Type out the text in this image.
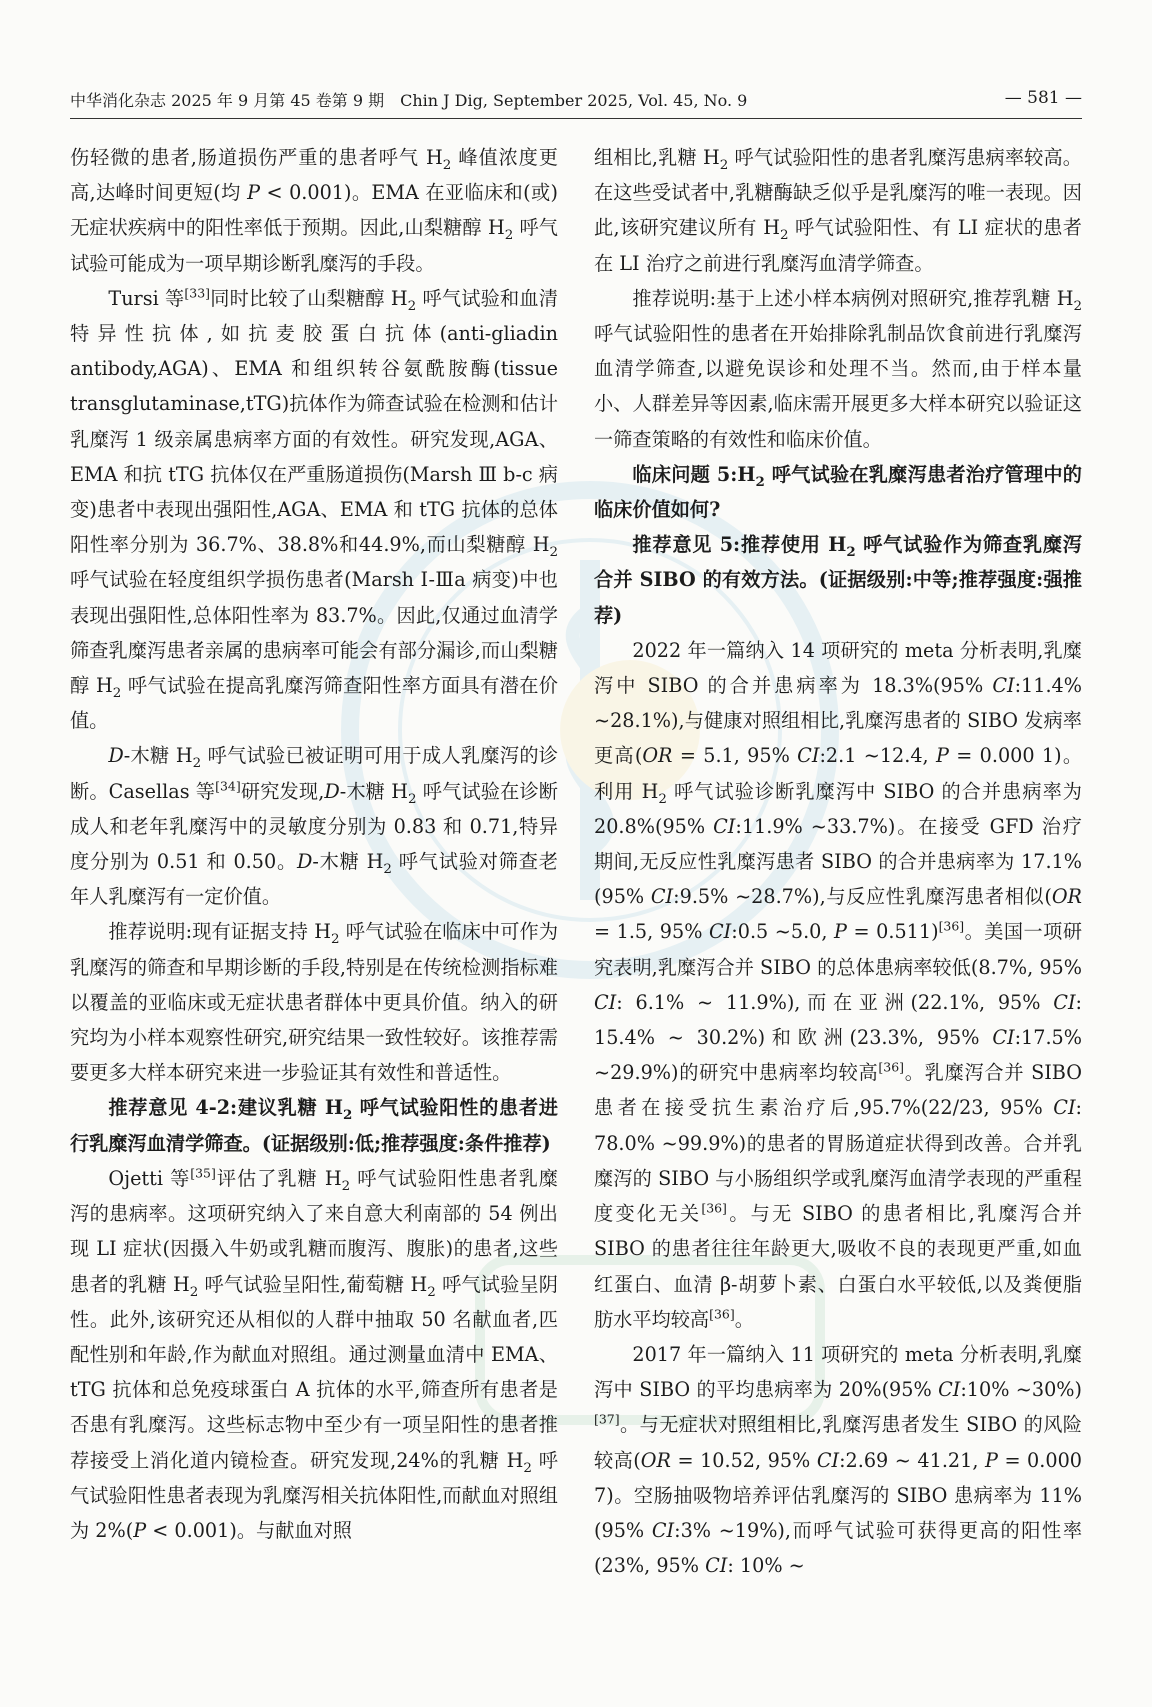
中华消化杂志 2025 年 9 月第 45 卷第 9 期　Chin J Dig, September 2025, Vol. 45, No. 9	— 581 —

伤轻微的患者,肠道损伤严重的患者呼气 $H_2$ 峰值浓度更高,达峰时间更短(均 P < 0.001)。EMA 在亚临床和(或)无症状疾病中的阳性率低于预期。因此,山梨糖醇 $H_2$ 呼气试验可能成为一项早期诊断乳糜泻的手段。

Tursi 等[33]同时比较了山梨糖醇 $H_2$ 呼气试验和血清特异性抗体,如抗麦胶蛋白抗体(anti-gliadin antibody,AGA)、EMA 和组织转谷氨酰胺酶(tissue transglutaminase,tTG)抗体作为筛查试验在检测和估计乳糜泻 1 级亲属患病率方面的有效性。研究发现,AGA、EMA 和抗 tTG 抗体仅在严重肠道损伤(Marsh Ⅲ b-c 病变)患者中表现出强阳性,AGA、EMA 和 tTG 抗体的总体阳性率分别为 36.7%、38.8%和44.9%,而山梨糖醇 $H_2$ 呼气试验在轻度组织学损伤患者(Marsh Ⅰ-Ⅲa 病变)中也表现出强阳性,总体阳性率为 83.7%。因此,仅通过血清学筛查乳糜泻患者亲属的患病率可能会有部分漏诊,而山梨糖醇 $H_2$ 呼气试验在提高乳糜泻筛查阳性率方面具有潜在价值。

D-木糖 $H_2$ 呼气试验已被证明可用于成人乳糜泻的诊断。Casellas 等[34]研究发现,D-木糖 $H_2$ 呼气试验在诊断成人和老年乳糜泻中的灵敏度分别为 0.83 和 0.71,特异度分别为 0.51 和 0.50。D-木糖 $H_2$ 呼气试验对筛查老年人乳糜泻有一定价值。

推荐说明:现有证据支持 $H_2$ 呼气试验在临床中可作为乳糜泻的筛查和早期诊断的手段,特别是在传统检测指标难以覆盖的亚临床或无症状患者群体中更具价值。纳入的研究均为小样本观察性研究,研究结果一致性较好。该推荐需要更多大样本研究来进一步验证其有效性和普适性。

推荐意见 4-2:建议乳糖 $H_2$ 呼气试验阳性的患者进行乳糜泻血清学筛查。(证据级别:低;推荐强度:条件推荐)

Ojetti 等[35]评估了乳糖 $H_2$ 呼气试验阳性患者乳糜泻的患病率。这项研究纳入了来自意大利南部的 54 例出现 LI 症状(因摄入牛奶或乳糖而腹泻、腹胀)的患者,这些患者的乳糖 $H_2$ 呼气试验呈阳性,葡萄糖 $H_2$ 呼气试验呈阴性。此外,该研究还从相似的人群中抽取 50 名献血者,匹配性别和年龄,作为献血对照组。通过测量血清中 EMA、tTG 抗体和总免疫球蛋白 A 抗体的水平,筛查所有患者是否患有乳糜泻。这些标志物中至少有一项呈阳性的患者推荐接受上消化道内镜检查。研究发现,24%的乳糖 $H_2$ 呼气试验阳性患者表现为乳糜泻相关抗体阳性,而献血对照组为 2%(P < 0.001)。与献血对照

组相比,乳糖 $H_2$ 呼气试验阳性的患者乳糜泻患病率较高。在这些受试者中,乳糖酶缺乏似乎是乳糜泻的唯一表现。因此,该研究建议所有 $H_2$ 呼气试验阳性、有 LI 症状的患者在 LI 治疗之前进行乳糜泻血清学筛查。

推荐说明:基于上述小样本病例对照研究,推荐乳糖 $H_2$ 呼气试验阳性的患者在开始排除乳制品饮食前进行乳糜泻血清学筛查,以避免误诊和处理不当。然而,由于样本量小、人群差异等因素,临床需开展更多大样本研究以验证这一筛查策略的有效性和临床价值。

临床问题 $5:H_2$ 呼气试验在乳糜泻患者治疗管理中的临床价值如何?

推荐意见 5:推荐使用 $H_2$ 呼气试验作为筛查乳糜泻合并 SIBO 的有效方法。(证据级别:中等;推荐强度:强推荐)

2022 年一篇纳入 14 项研究的 meta 分析表明,乳糜泻中 SIBO 的合并患病率为 18.3%(95% CI:11.4% ~28.1%),与健康对照组相比,乳糜泻患者的 SIBO 发病率更高(OR = 5.1, 95% CI:2.1 ~12.4, P = 0.000 1)。利用 $H_2$ 呼气试验诊断乳糜泻中 SIBO 的合并患病率为 20.8%(95% CI:11.9% ~33.7%)。在接受 GFD 治疗期间,无反应性乳糜泻患者 SIBO 的合并患病率为 17.1%(95% CI:9.5% ~28.7%),与反应性乳糜泻患者相似(OR = 1.5, 95% CI:0.5 ~5.0, P = 0.511)[36]。美国一项研究表明,乳糜泻合并 SIBO 的总体患病率较低(8.7%, 95% CI: 6.1% ~ 11.9%),而在亚洲(22.1%, 95% CI: 15.4% ~ 30.2%)和欧洲(23.3%, 95% CI:17.5% ~29.9%)的研究中患病率均较高[36]。乳糜泻合并 SIBO 患者在接受抗生素治疗后,95.7%(22/23, 95% CI: 78.0% ~99.9%)的患者的胃肠道症状得到改善。合并乳糜泻的 SIBO 与小肠组织学或乳糜泻血清学表现的严重程度变化无关[36]。与无 SIBO 的患者相比,乳糜泻合并 SIBO 的患者往往年龄更大,吸收不良的表现更严重,如血红蛋白、血清 β-胡萝卜素、白蛋白水平较低,以及粪便脂肪水平均较高[36]。

2017 年一篇纳入 11 项研究的 meta 分析表明,乳糜泻中 SIBO 的平均患病率为 20%(95% CI:10% ~30%)[37]。与无症状对照组相比,乳糜泻患者发生 SIBO 的风险较高(OR = 10.52, 95% CI:2.69 ~ 41.21, P = 0.000 7)。空肠抽吸物培养评估乳糜泻的 SIBO 患病率为 11%(95% CI:3% ~19%),而呼气试验可获得更高的阳性率(23%, 95% CI: 10% ~
